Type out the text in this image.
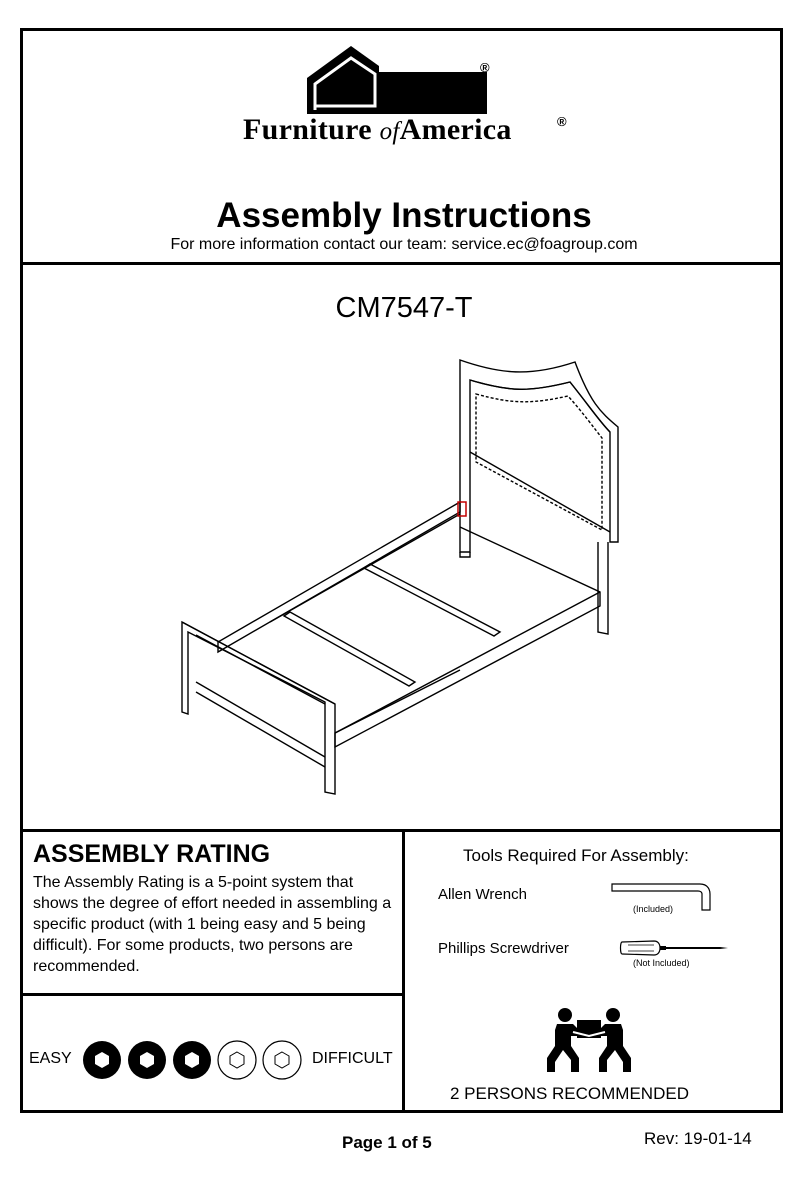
®
Furniture ofAmerica	®
Assembly Instructions
For more information contact our team: service.ec@foagroup.com
CM7547-T
ASSEMBLY RATING
The Assembly Rating is a 5-point system that shows the degree of effort needed in assembling a specific product (with 1 being easy and 5 being difficult). For some products, two persons are recommended.
EASY	DIFFICULT
Tools Required For Assembly:
Allen Wrench
(Included)
Phillips Screwdriver
(Not Included)
2 PERSONS RECOMMENDED
Page 1 of 5	Rev: 19-01-14
